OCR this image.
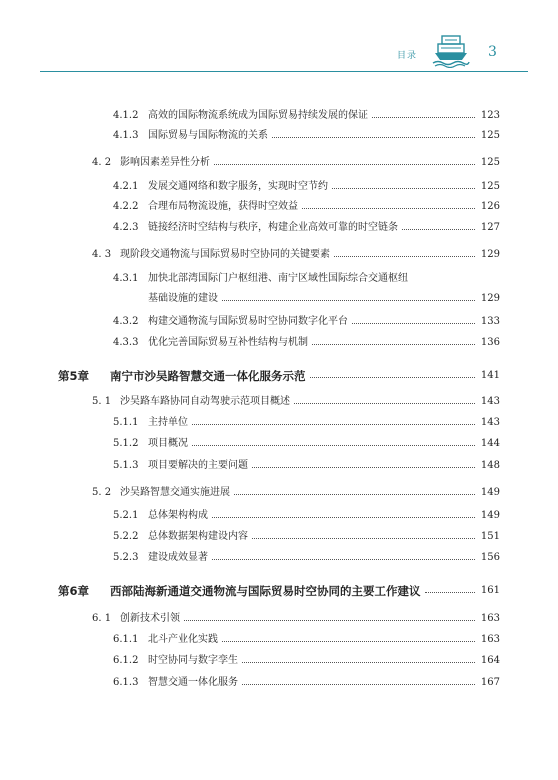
目录	3
4.1.2 高效的国际物流系统成为国际贸易持续发展的保证	123
4.1.3 国际贸易与国际物流的关系	125
4. 2 影响因素差异性分析	125
4.2.1 发展交通网络和数字服务，实现时空节约	125
4.2.2 合理布局物流设施，获得时空效益	126
4.2.3 链接经济时空结构与秩序，构建企业高效可靠的时空链条	127
4. 3 现阶段交通物流与国际贸易时空协同的关键要素	129
4.3.1 加快北部湾国际门户枢纽港、南宁区域性国际综合交通枢纽
基础设施的建设	129
4.3.2 构建交通物流与国际贸易时空协同数字化平台	133
4.3.3 优化完善国际贸易互补性结构与机制	136
第5章 南宁市沙吴路智慧交通一体化服务示范	141
5. 1 沙吴路车路协同自动驾驶示范项目概述	143
5.1.1 主持单位	143
5.1.2 项目概况	144
5.1.3 项目要解决的主要问题	148
5. 2 沙吴路智慧交通实施进展	149
5.2.1 总体架构构成	149
5.2.2 总体数据架构建设内容	151
5.2.3 建设成效显著	156
第6章 西部陆海新通道交通物流与国际贸易时空协同的主要工作建议	161
6. 1 创新技术引领	163
6.1.1 北斗产业化实践	163
6.1.2 时空协同与数字孪生	164
6.1.3 智慧交通一体化服务	167
